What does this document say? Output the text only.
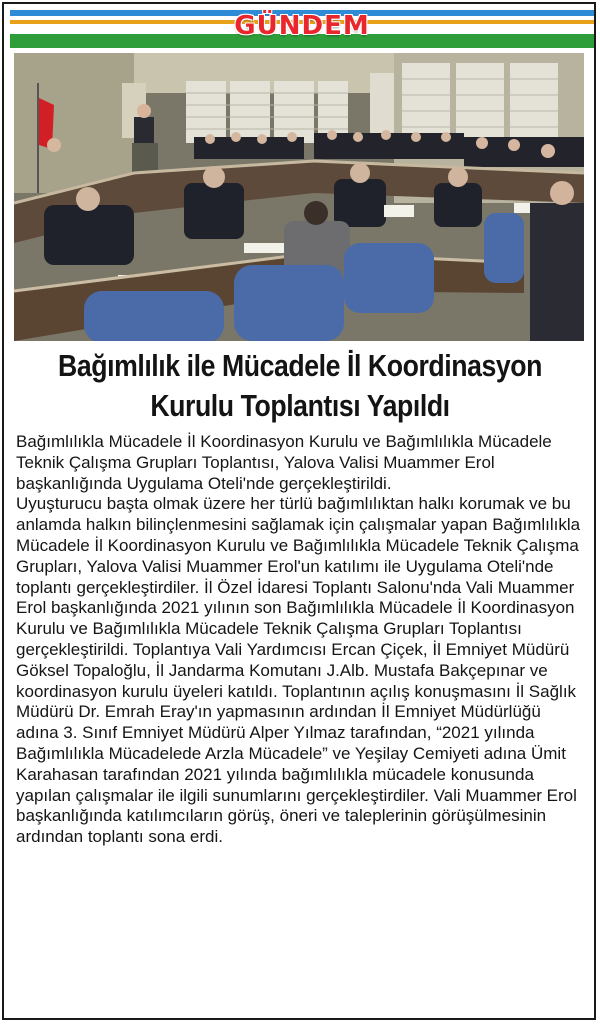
GÜNDEM
Bağımlılık ile Mücadele İl Koordinasyon
Kurulu Toplantısı Yapıldı

Bağımlılıkla Mücadele İl Koordinasyon Kurulu ve Bağımlılıkla Mücadele Teknik Çalışma Grupları Toplantısı, Yalova Valisi Muammer Erol başkanlığında Uygulama Oteli'nde gerçekleştirildi.

Uyuşturucu başta olmak üzere her türlü bağımlılıktan halkı korumak ve bu anlamda halkın bilinçlenmesini sağlamak için çalışmalar yapan Bağımlılıkla Mücadele İl Koordinasyon Kurulu ve Bağımlılıkla Mücadele Teknik Çalışma Grupları, Yalova Valisi Muammer Erol'un katılımı ile Uygulama Oteli'nde toplantı gerçekleştirdiler. İl Özel İdaresi Toplantı Salonu'nda Vali Muammer Erol başkanlığında 2021 yılının son Bağımlılıkla Mücadele İl Koordinasyon Kurulu ve Bağımlılıkla Mücadele Teknik Çalışma Grupları Toplantısı gerçekleştirildi. Toplantıya Vali Yardımcısı Ercan Çiçek, İl Emniyet Müdürü Göksel Topaloğlu, İl Jandarma Komutanı J.Alb. Mustafa Bakçepınar ve koordinasyon kurulu üyeleri katıldı. Toplantının açılış konuşmasını İl Sağlık Müdürü Dr. Emrah Eray'ın yapmasının ardından İl Emniyet Müdürlüğü adına 3. Sınıf Emniyet Müdürü Alper Yılmaz tarafından, “2021 yılında Bağımlılıkla Mücadelede Arzla Mücadele” ve Yeşilay Cemiyeti adına Ümit Karahasan tarafından 2021 yılında bağımlılıkla mücadele konusunda yapılan çalışmalar ile ilgili sunumlarını gerçekleştirdiler. Vali Muammer Erol başkanlığında katılımcıların görüş, öneri ve taleplerinin görüşülmesinin ardından toplantı sona erdi.
